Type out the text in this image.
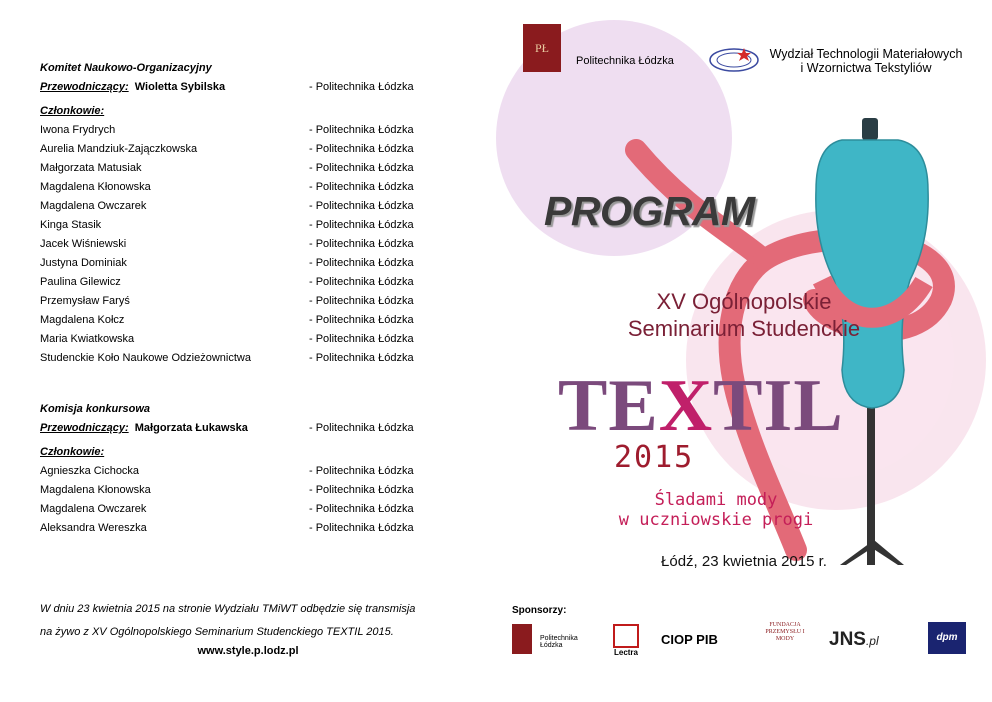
Komitet Naukowo-Organizacyjny
Przewodniczący: Wioletta Sybilska	- Politechnika Łódzka
Członkowie:
Iwona Frydrych	- Politechnika Łódzka
Aurelia Mandziuk-Zajączkowska	- Politechnika Łódzka
Małgorzata Matusiak	- Politechnika Łódzka
Magdalena Kłonowska	- Politechnika Łódzka
Magdalena Owczarek	- Politechnika Łódzka
Kinga Stasik	- Politechnika Łódzka
Jacek Wiśniewski	- Politechnika Łódzka
Justyna Dominiak	- Politechnika Łódzka
Paulina Gilewicz	- Politechnika Łódzka
Przemysław Faryś	- Politechnika Łódzka
Magdalena Kołcz	- Politechnika Łódzka
Maria Kwiatkowska	- Politechnika Łódzka
Studenckie Koło Naukowe Odzieżownictwa	- Politechnika Łódzka
Komisja konkursowa
Przewodniczący: Małgorzata Łukawska	- Politechnika Łódzka
Członkowie:
Agnieszka Cichocka	- Politechnika Łódzka
Magdalena Kłonowska	- Politechnika Łódzka
Magdalena Owczarek	- Politechnika Łódzka
Aleksandra Wereszka	- Politechnika Łódzka
W dniu 23 kwietnia 2015 na stronie Wydziału TMiWT odbędzie się transmisja
na żywo z XV Ogólnopolskiego Seminarium Studenckiego TEXTIL 2015.
www.style.p.lodz.pl
PŁ
Politechnika Łódzka	Wydział Technologii Materiałowych
i Wzornictwa Tekstyliów
PROGRAM
XV Ogólnopolskie
Seminarium Studenckie
TEXTIL
2015
Śladami mody
w uczniowskie progi
Łódź, 23 kwietnia 2015 r.
Sponsorzy:
Politechnika Łódzka
Lectra
CIOP PIB
FUNDACJA PRZEMYSŁU I MODY	JNS.pl	dpm
